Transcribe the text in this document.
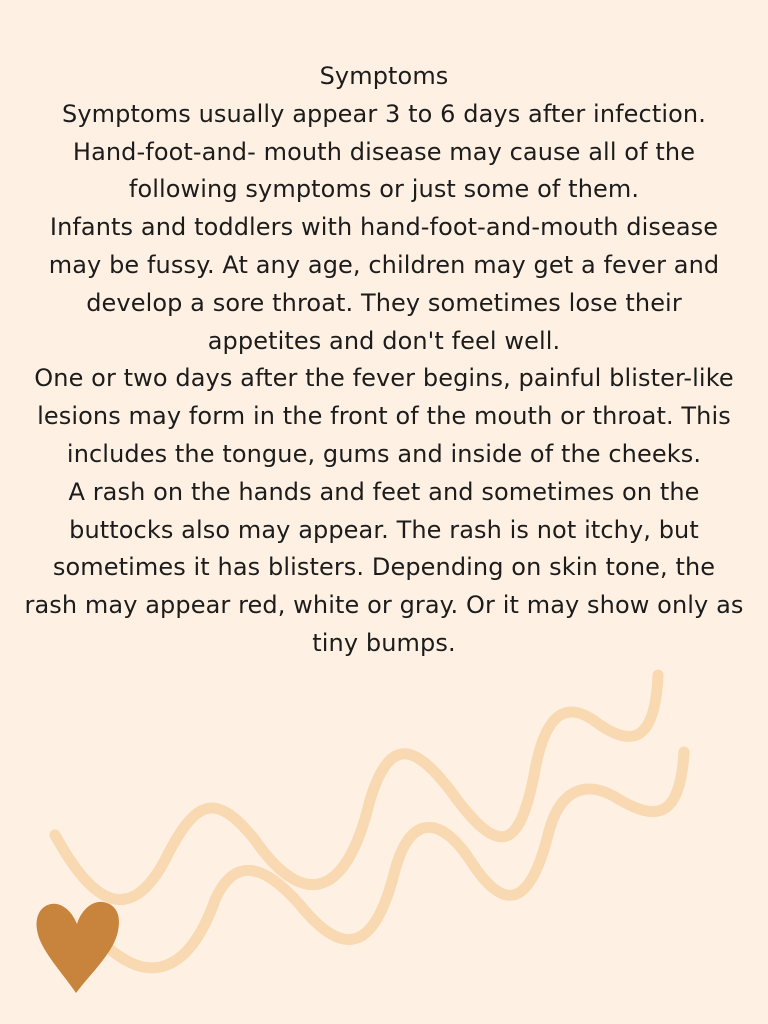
Symptoms
Symptoms usually appear 3 to 6 days after infection.
Hand-foot-and- mouth disease may cause all of the
following symptoms or just some of them.
Infants and toddlers with hand-foot-and-mouth disease
may be fussy. At any age, children may get a fever and
develop a sore throat. They sometimes lose their
appetites and don't feel well.
One or two days after the fever begins, painful blister-like
lesions may form in the front of the mouth or throat. This
includes the tongue, gums and inside of the cheeks.
A rash on the hands and feet and sometimes on the
buttocks also may appear. The rash is not itchy, but
sometimes it has blisters. Depending on skin tone, the
rash may appear red, white or gray. Or it may show only as
tiny bumps.
